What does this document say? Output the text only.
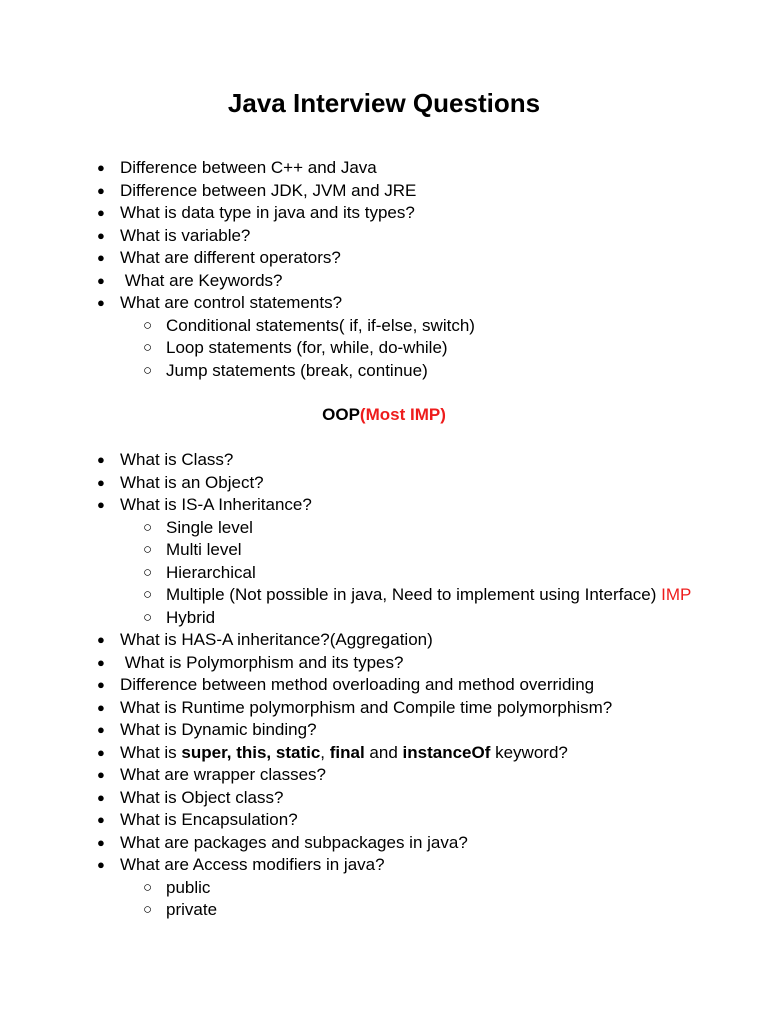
Java Interview Questions
● Difference between C++ and Java
● Difference between JDK, JVM and JRE
● What is data type in java and its types?
● What is variable?
● What are different operators?
● What are Keywords?
● What are control statements?
○ Conditional statements( if, if-else, switch)
○ Loop statements (for, while, do-while)
○ Jump statements (break, continue)
OOP(Most IMP)
● What is Class?
● What is an Object?
● What is IS-A Inheritance?
○ Single level
○ Multi level
○ Hierarchical
○ Multiple (Not possible in java, Need to implement using Interface) IMP
○ Hybrid
● What is HAS-A inheritance?(Aggregation)
● What is Polymorphism and its types?
● Difference between method overloading and method overriding
● What is Runtime polymorphism and Compile time polymorphism?
● What is Dynamic binding?
● What is super, this, static, final and instanceOf keyword?
● What are wrapper classes?
● What is Object class?
● What is Encapsulation?
● What are packages and subpackages in java?
● What are Access modifiers in java?
○ public
○ private
